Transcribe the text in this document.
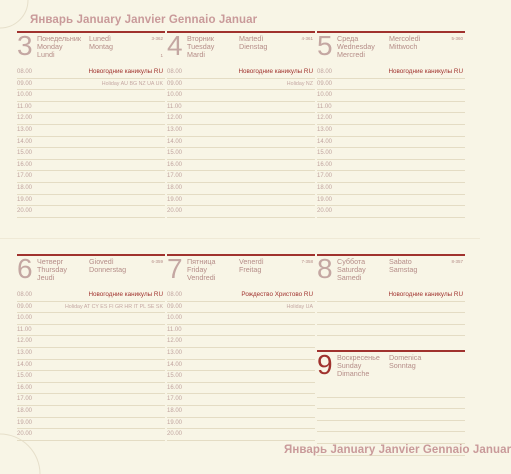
Январь January Janvier Gennaio Januar
3 Понедельник
Monday
Lundi
Lunedì
Montag
3-362
1
08.00	Новогодние каникулы RU
09.00	Holiday AU BG NZ UA UK
10.00
11.00
12.00
13.00
14.00
15.00
16.00
17.00
18.00
19.00
20.00
4 Вторник
Tuesday
Mardi
Martedì
Dienstag
4-361
08.00	Новогодние каникулы RU
09.00	Holiday NZ
10.00
11.00
12.00
13.00
14.00
15.00
16.00
17.00
18.00
19.00
20.00
5 Среда
Wednesday
Mercredi
Mercoledì
Mittwoch
5-360
08.00	Новогодние каникулы RU
09.00
10.00
11.00
12.00
13.00
14.00
15.00
16.00
17.00
18.00
19.00
20.00
6 Четверг
Thursday
Jeudi
Giovedì
Donnerstag
6-359
08.00	Новогодние каникулы RU
09.00	Holiday AT CY ES FI GR HR IT PL SE SK
10.00
11.00
12.00
13.00
14.00
15.00
16.00
17.00
18.00
19.00
20.00
7 Пятница
Friday
Vendredi
Venerdì
Freitag
7-358
08.00	Рождество Христово RU
09.00	Holiday UA
10.00
11.00
12.00
13.00
14.00
15.00
16.00
17.00
18.00
19.00
20.00
8 Суббота
Saturday
Samedi
Sabato
Samstag
8-357
Новогодние каникулы RU
9 Воскресенье
Sunday
Dimanche
Domenica
Sonntag
Январь January Janvier Gennaio Januar
